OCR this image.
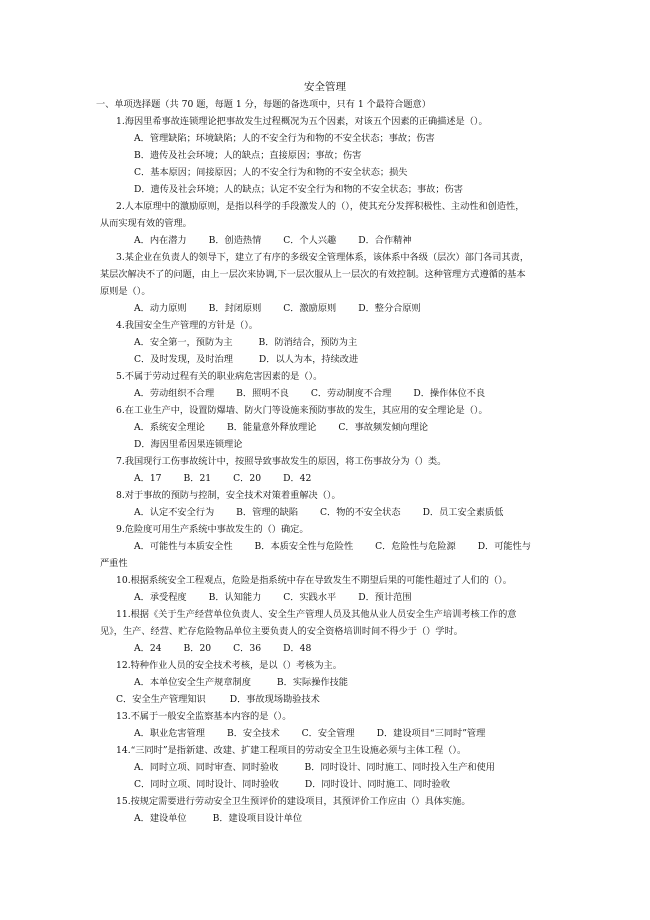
安全管理
一、单项选择题（共 70 题，每题 1 分，每题的备选项中，只有 1 个最符合题意）
1.海因里希事故连锁理论把事故发生过程概况为五个因素，对该五个因素的正确描述是（）。
A．管理缺陷；环境缺陷；人的不安全行为和物的不安全状态；事故；伤害
B．遗传及社会环境；人的缺点；直接原因；事故；伤害
C．基本原因；间接原因；人的不安全行为和物的不安全状态；损失
D．遗传及社会环境；人的缺点；认定不安全行为和物的不安全状态；事故；伤害
2.人本原理中的激励原则，是指以科学的手段激发人的（），使其充分发挥积极性、主动性和创造性，
从而实现有效的管理。
A．内在潜力 B．创造热情 C．个人兴趣 D．合作精神
3.某企业在负责人的领导下，建立了有序的多级安全管理体系，该体系中各级（层次）部门各司其责，
某层次解决不了的问题，由上一层次来协调,下一层次服从上一层次的有效控制。这种管理方式遵循的基本
原则是（）。
A．动力原则 B．封闭原则 C．激励原则 D．整分合原则
4.我国安全生产管理的方针是（）。
A．安全第一，预防为主	B．防消结合，预防为主
C．及时发现，及时治理	D．以人为本，持续改进
5.不属于劳动过程有关的职业病危害因素的是（）。
A．劳动组织不合理 B．照明不良 C．劳动制度不合理 D．操作体位不良
6.在工业生产中，设置防爆墙、防火门等设施来预防事故的发生，其应用的安全理论是（）。
A．系统安全理论 B．能量意外释放理论 C．事故频发倾向理论
D．海因里希因果连锁理论
7.我国现行工伤事故统计中，按照导致事故发生的原因，将工伤事故分为（）类。
A．17 B．21 C．20 D．42
8.对于事故的预防与控制，安全技术对策着重解决（）。
A．认定不安全行为 B．管理的缺陷 C．物的不安全状态 D．员工安全素质低
9.危险度可用生产系统中事故发生的（）确定。
A．可能性与本质安全性 B．本质安全性与危险性 C．危险性与危险源 D．可能性与
严重性
10.根据系统安全工程观点，危险是指系统中存在导致发生不期望后果的可能性超过了人们的（）。
A．承受程度 B．认知能力 C．实践水平 D．预计范围
11.根据《关于生产经营单位负责人、安全生产管理人员及其他从业人员安全生产培训考核工作的意
见》，生产、经营、贮存危险物品单位主要负责人的安全资格培训时间不得少于（）学时。
A．24 B．20 C．36 D．48
12.特种作业人员的安全技术考核，是以（）考核为主。
A．本单位安全生产规章制度	B．实际操作技能
C．安全生产管理知识	D．事故现场勘验技术
13.不属于一般安全监察基本内容的是（）。
A．职业危害管理 B．安全技术 C．安全管理 D．建设项目“三同时”管理
14.“三同时”是指新建、改建、扩建工程项目的劳动安全卫生设施必须与主体工程（）。
A．同时立项、同时审查、同时验收	B．同时设计、同时施工、同时投入生产和使用
C．同时立项、同时设计、同时验收	D．同时设计、同时施工、同时验收
15.按规定需要进行劳动安全卫生预评价的建设项目，其预评价工作应由（）具体实施。
A．建设单位	B．建设项目设计单位
